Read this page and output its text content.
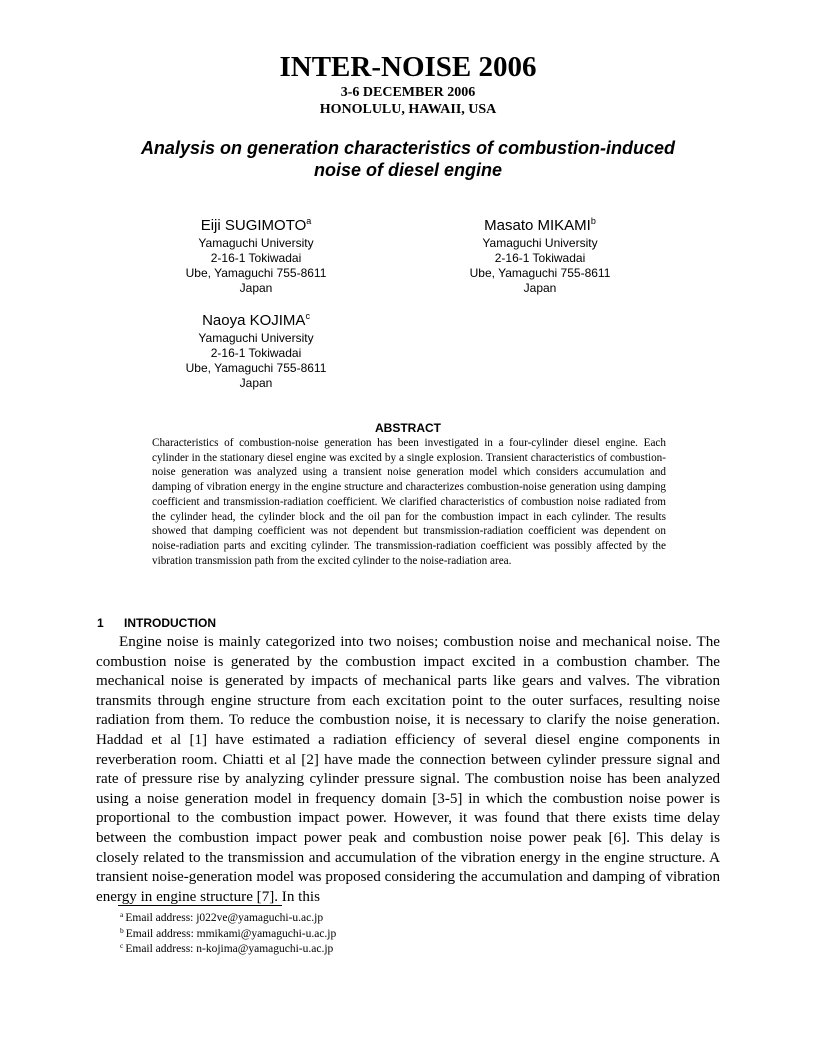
INTER-NOISE 2006
3-6 DECEMBER 2006
HONOLULU, HAWAII, USA
Analysis on generation characteristics of combustion-induced
noise of diesel engine
Eiji SUGIMOTO$^a$
Yamaguchi University
2-16-1 Tokiwadai
Ube, Yamaguchi 755-8611
Japan
Masato MIKAMI$^b$
Yamaguchi University
2-16-1 Tokiwadai
Ube, Yamaguchi 755-8611
Japan
Naoya KOJIMA$^c$
Yamaguchi University
2-16-1 Tokiwadai
Ube, Yamaguchi 755-8611
Japan
ABSTRACT
Characteristics of combustion-noise generation has been investigated in a four-cylinder diesel engine. Each cylinder in the stationary diesel engine was excited by a single explosion. Transient characteristics of combustion-noise generation was analyzed using a transient noise generation model which considers accumulation and damping of vibration energy in the engine structure and characterizes combustion-noise generation using damping coefficient and transmission-radiation coefficient. We clarified characteristics of combustion noise radiated from the cylinder head, the cylinder block and the oil pan for the combustion impact in each cylinder. The results showed that damping coefficient was not dependent but transmission-radiation coefficient was dependent on noise-radiation parts and exciting cylinder. The transmission-radiation coefficient was possibly affected by the vibration transmission path from the excited cylinder to the noise-radiation area.
1 INTRODUCTION

Engine noise is mainly categorized into two noises; combustion noise and mechanical noise. The combustion noise is generated by the combustion impact excited in a combustion chamber. The mechanical noise is generated by impacts of mechanical parts like gears and valves. The vibration transmits through engine structure from each excitation point to the outer surfaces, resulting noise radiation from them. To reduce the combustion noise, it is necessary to clarify the noise generation. Haddad et al [1] have estimated a radiation efficiency of several diesel engine components in reverberation room. Chiatti et al [2] have made the connection between cylinder pressure signal and rate of pressure rise by analyzing cylinder pressure signal. The combustion noise has been analyzed using a noise generation model in frequency domain [3-5] in which the combustion noise power is proportional to the combustion impact power. However, it was found that there exists time delay between the combustion impact power peak and combustion noise power peak [6]. This delay is closely related to the transmission and accumulation of the vibration energy in the engine structure. A transient noise-generation model was proposed considering the accumulation and damping of vibration energy in engine structure [7]. In this

$^a$ Email address: j022ve@yamaguchi-u.ac.jp
$^b$ Email address: mmikami@yamaguchi-u.ac.jp
$^c$ Email address: n-kojima@yamaguchi-u.ac.jp
